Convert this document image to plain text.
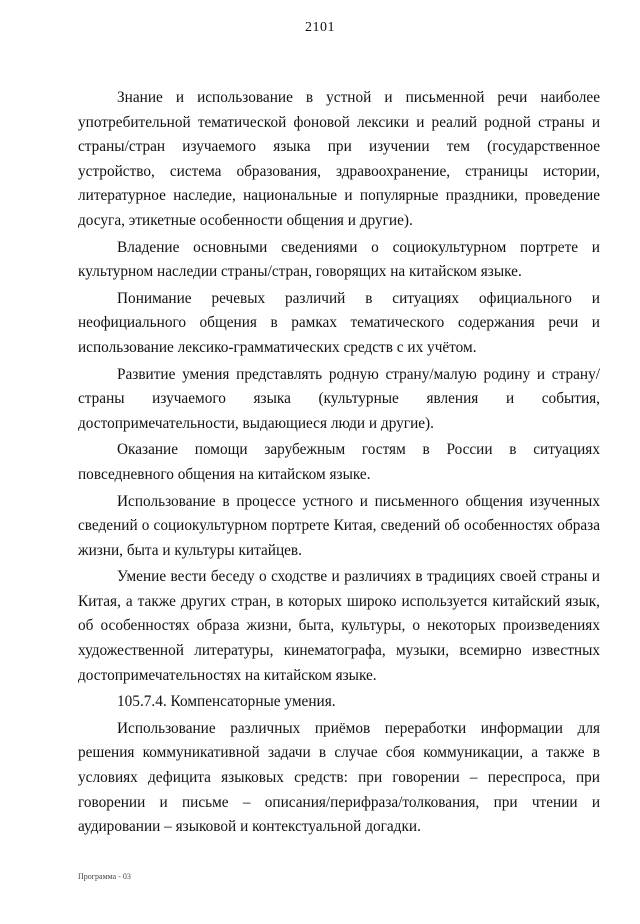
2101

Знание и использование в устной и письменной речи наиболее употребительной тематической фоновой лексики и реалий родной страны и страны/стран изучаемого языка при изучении тем (государственное устройство, система образования, здравоохранение, страницы истории, литературное наследие, национальные и популярные праздники, проведение досуга, этикетные особенности общения и другие).

Владение основными сведениями о социокультурном портрете и культурном наследии страны/стран, говорящих на китайском языке.

Понимание речевых различий в ситуациях официального и неофициального общения в рамках тематического содержания речи и использование лексико-грамматических средств с их учётом.

Развитие умения представлять родную страну/малую родину и страну/страны изучаемого языка (культурные явления и события, достопримечательности, выдающиеся люди и другие).

Оказание помощи зарубежным гостям в России в ситуациях повседневного общения на китайском языке.

Использование в процессе устного и письменного общения изученных сведений о социокультурном портрете Китая, сведений об особенностях образа жизни, быта и культуры китайцев.

Умение вести беседу о сходстве и различиях в традициях своей страны и Китая, а также других стран, в которых широко используется китайский язык, об особенностях образа жизни, быта, культуры, о некоторых произведениях художественной литературы, кинематографа, музыки, всемирно известных достопримечательностях на китайском языке.

105.7.4. Компенсаторные умения.

Использование различных приёмов переработки информации для решения коммуникативной задачи в случае сбоя коммуникации, а также в условиях дефицита языковых средств: при говорении – переспроса, при говорении и письме – описания/перифраза/толкования, при чтении и аудировании – языковой и контекстуальной догадки.

Программа - 03
